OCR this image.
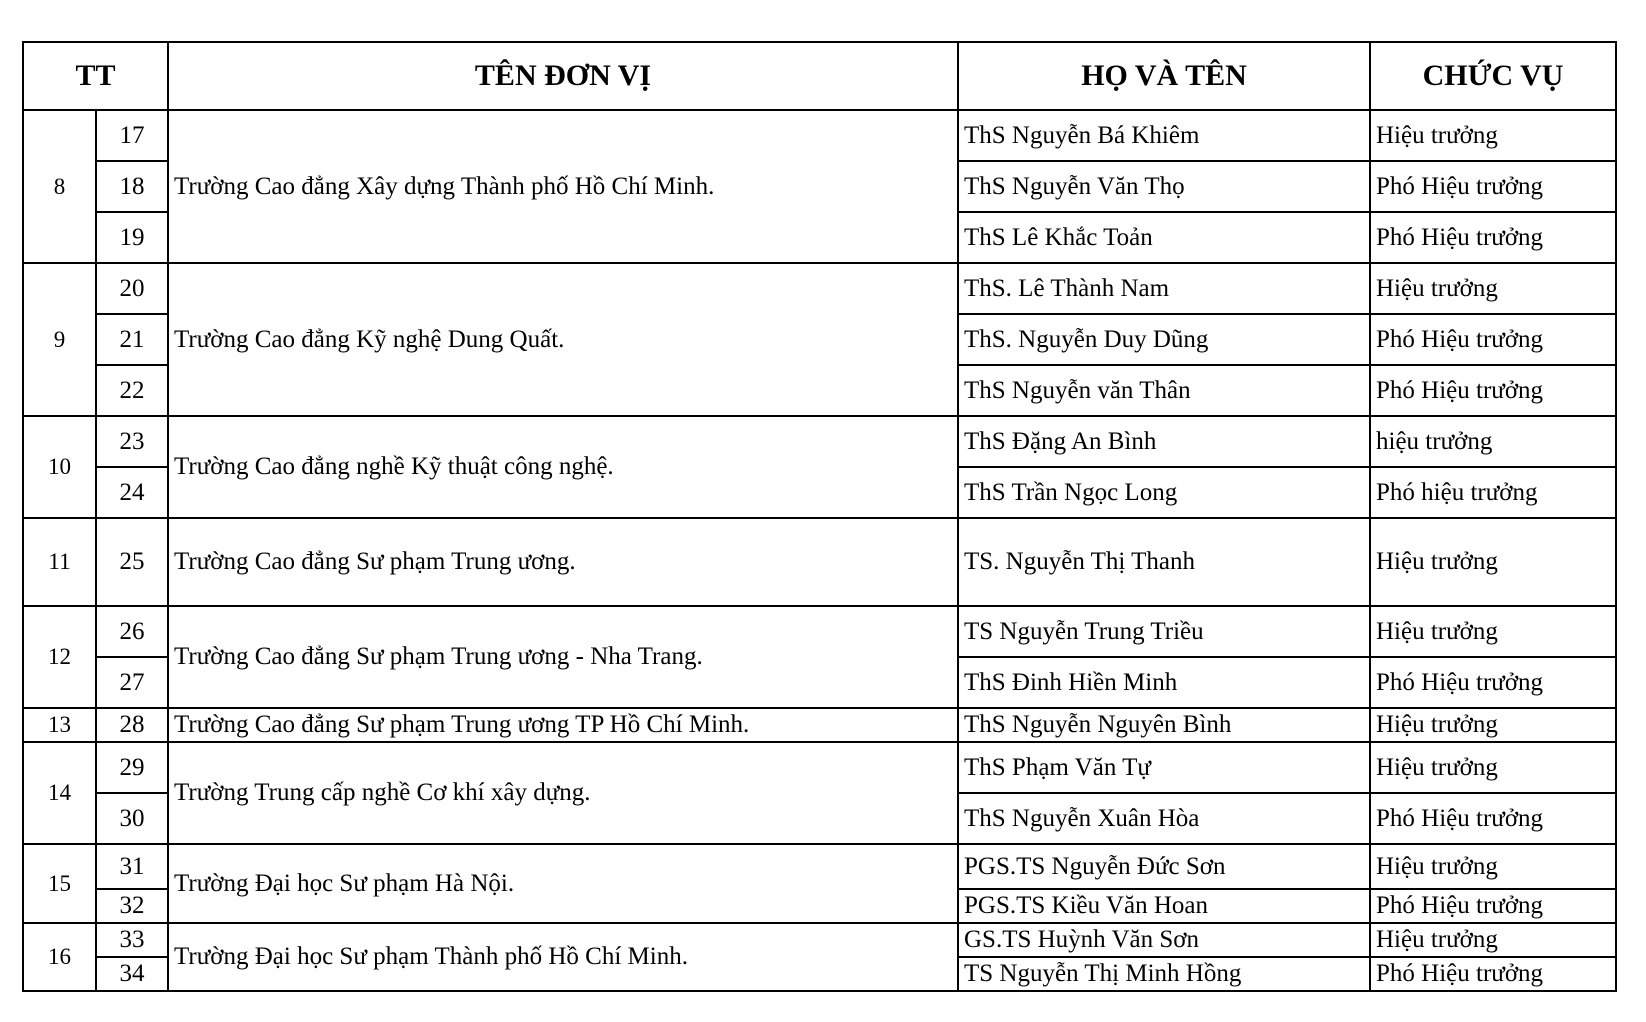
TT		TÊN ĐƠN VỊ	HỌ VÀ TÊN	CHỨC VỤ
8	17	Trường Cao đẳng Xây dựng Thành phố Hồ Chí Minh.	ThS Nguyễn Bá Khiêm	Hiệu trưởng
	18		ThS Nguyễn Văn Thọ	Phó Hiệu trưởng
	19		ThS Lê Khắc Toản	Phó Hiệu trưởng
9	20	Trường Cao đẳng Kỹ nghệ Dung Quất.	ThS. Lê Thành Nam	Hiệu trưởng
	21		ThS. Nguyễn Duy Dũng	Phó Hiệu trưởng
	22		ThS Nguyễn văn Thân	Phó Hiệu trưởng
10	23	Trường Cao đẳng nghề Kỹ thuật công nghệ.	ThS Đặng An Bình	hiệu trưởng
	24		ThS Trần Ngọc Long	Phó hiệu trưởng
11	25	Trường Cao đẳng Sư phạm Trung ương.	TS. Nguyễn Thị Thanh	Hiệu trưởng
12	26	Trường Cao đẳng Sư phạm Trung ương - Nha Trang.	TS Nguyễn Trung Triều	Hiệu trưởng
	27		ThS Đinh Hiền Minh	Phó Hiệu trưởng
13	28	Trường Cao đẳng Sư phạm Trung ương TP Hồ Chí Minh.	ThS Nguyễn Nguyên Bình	Hiệu trưởng
14	29	Trường Trung cấp nghề Cơ khí xây dựng.	ThS Phạm Văn Tự	Hiệu trưởng
	30		ThS Nguyễn Xuân Hòa	Phó Hiệu trưởng
15	31	Trường Đại học Sư phạm Hà Nội.	PGS.TS Nguyễn Đức Sơn	Hiệu trưởng
	32		PGS.TS Kiều Văn Hoan	Phó Hiệu trưởng
16	33	Trường Đại học Sư phạm Thành phố Hồ Chí Minh.	GS.TS Huỳnh Văn Sơn	Hiệu trưởng
	34		TS Nguyễn Thị Minh Hồng	Phó Hiệu trưởng
